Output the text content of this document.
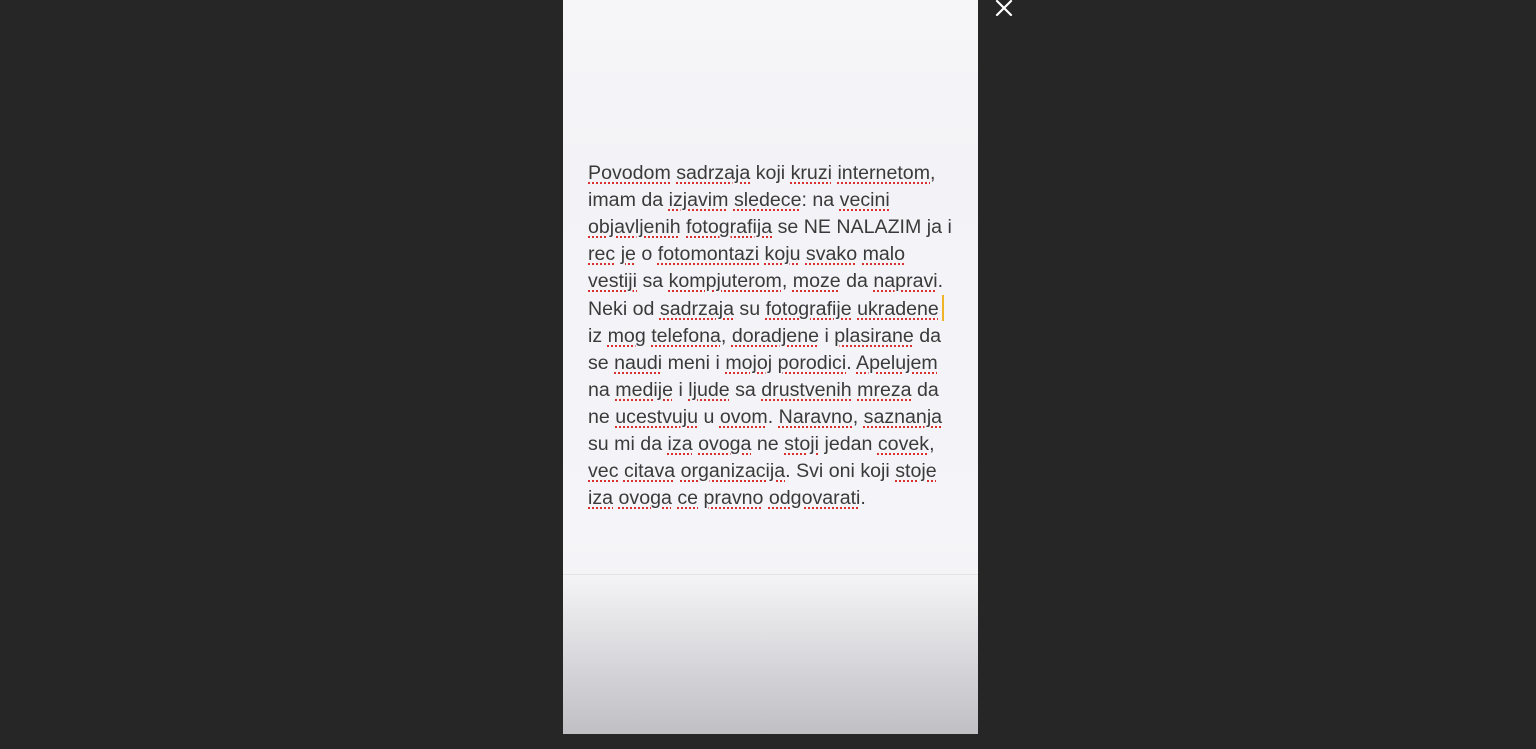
Povodom sadrzaja koji kruzi internetom,
imam da izjavim sledece: na vecini
objavljenih fotografija se NE NALAZIM ja i
rec je o fotomontazi koju svako malo
vestiji sa kompjuterom, moze da napravi.
Neki od sadrzaja su fotografije ukradene
iz mog telefona, doradjene i plasirane da
se naudi meni i mojoj porodici. Apelujem
na medije i ljude sa drustvenih mreza da
ne ucestvuju u ovom. Naravno, saznanja
su mi da iza ovoga ne stoji jedan covek,
vec citava organizacija. Svi oni koji stoje
iza ovoga ce pravno odgovarati.
